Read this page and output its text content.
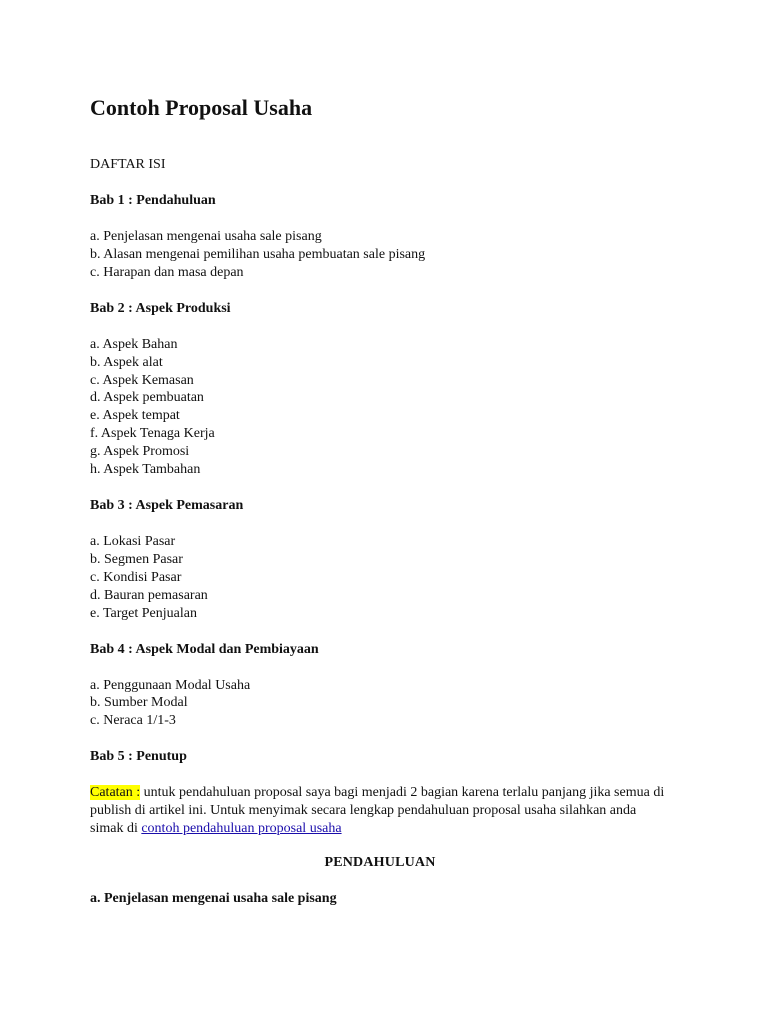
Contoh Proposal Usaha
DAFTAR ISI
Bab 1 : Pendahuluan
a. Penjelasan mengenai usaha sale pisang
b. Alasan mengenai pemilihan usaha pembuatan sale pisang
c. Harapan dan masa depan
Bab 2 : Aspek Produksi
a. Aspek Bahan
b. Aspek alat
c. Aspek Kemasan
d. Aspek pembuatan
e. Aspek tempat
f. Aspek Tenaga Kerja
g. Aspek Promosi
h. Aspek Tambahan
Bab 3 : Aspek Pemasaran
a. Lokasi Pasar
b. Segmen Pasar
c. Kondisi Pasar
d. Bauran pemasaran
e. Target Penjualan
Bab 4 : Aspek Modal dan Pembiayaan
a. Penggunaan Modal Usaha
b. Sumber Modal
c. Neraca 1/1-3
Bab 5 : Penutup
Catatan : untuk pendahuluan proposal saya bagi menjadi 2 bagian karena terlalu panjang jika semua di publish di artikel ini. Untuk menyimak secara lengkap pendahuluan proposal usaha silahkan anda simak di contoh pendahuluan proposal usaha
PENDAHULUAN
a. Penjelasan mengenai usaha sale pisang
